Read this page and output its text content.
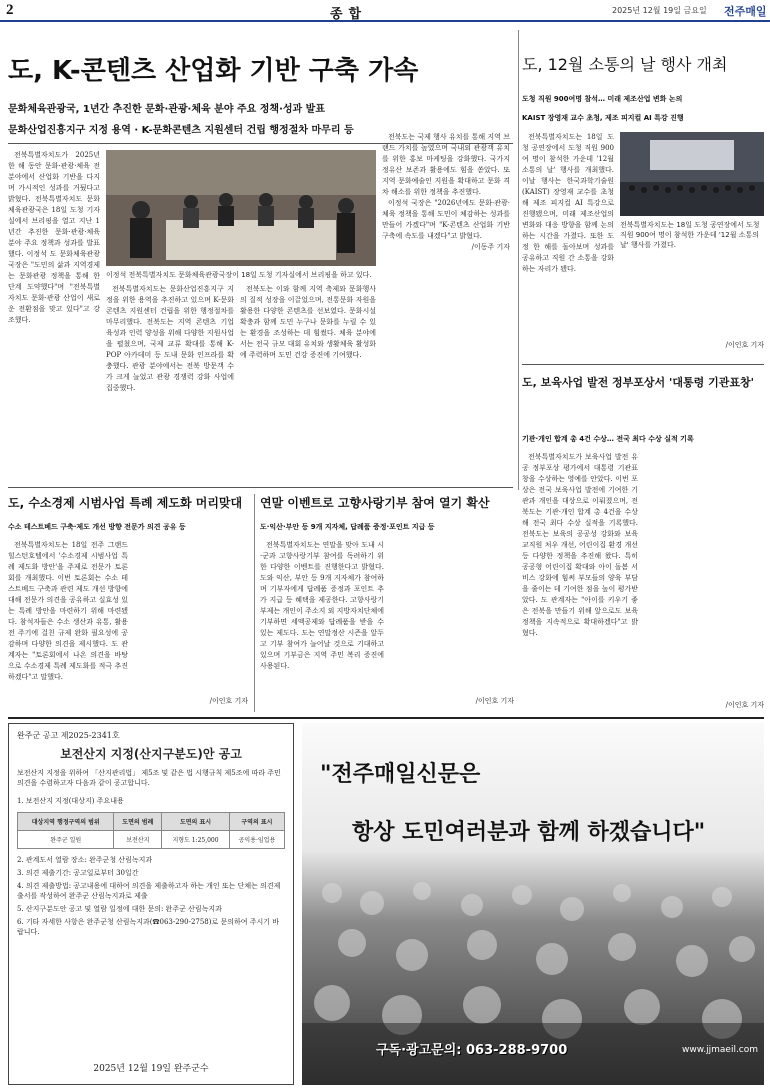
2	종합	2025년 12월 19일 금요일 전주매일
도, K-콘텐츠 산업화 기반 구축 가속
문화체육관광국, 1년간 추진한 문화·관광·체육 분야 주요 정책·성과 발표
문화산업진흥지구 지정 용역 · K-문화콘텐츠 지원센터 건립 행정절차 마무리 등

전북특별자치도가 2025년 한 해 동안 문화·관광·체육 전 분야에서 산업화 기반을 다지며 가시적인 성과를 거뒀다고 밝혔다. 전북특별자치도 문화체육관광국은 18일 도청 기자실에서 브리핑을 열고 지난 1년간 추진한 문화·관광·체육 분야 주요 정책과 성과를 발표했다. 이정석 도 문화체육관광국장은 "도민의 삶과 지역경제는 문화관광 정책을 통해 한 단계 도약했다"며 "전북특별자치도 문화·관광 산업이 새로운 전환점을 맞고 있다"고 강조했다.

이정석 전북특별자치도 문화체육관광국장이 18일 도청 기자실에서 브리핑을 하고 있다.

전북특별자치도는 문화산업진흥지구 지정을 위한 용역을 추진하고 있으며 K-문화콘텐츠 지원센터 건립을 위한 행정절차를 마무리했다. 전북도는 지역 콘텐츠 기업 육성과 인력 양성을 위해 다양한 지원사업을 펼쳤으며, 국제 교류 확대를 통해 K-POP 아카데미 등 도내 문화 인프라를 확충했다. 관광 분야에서는 전북 방문객 수가 크게 늘었고 관광 경쟁력 강화 사업에 집중했다.

전북도는 이와 함께 지역 축제와 문화행사의 질적 성장을 이끌었으며, 전통문화 자원을 활용한 다양한 콘텐츠를 선보였다. 문화시설 확충과 함께 도민 누구나 문화를 누릴 수 있는 환경을 조성하는 데 힘썼다. 체육 분야에서는 전국 규모 대회 유치와 생활체육 활성화에 주력하며 도민 건강 증진에 기여했다.

전북도는 국제 행사 유치를 통해 지역 브랜드 가치를 높였으며 국내외 관광객 유치를 위한 홍보 마케팅을 강화했다. 국가지정유산 보존과 활용에도 힘을 쏟았다. 또 지역 문화예술인 지원을 확대하고 문화 격차 해소를 위한 정책을 추진했다.

이정석 국장은 "2026년에도 문화·관광·체육 정책을 통해 도민이 체감하는 성과를 만들어 가겠다"며 "K-콘텐츠 산업화 기반 구축에 속도를 내겠다"고 밝혔다.

/이동주 기자
도, 12월 소통의 날 행사 개최
도청 직원 900여명 참석… 미래 제조산업 변화 논의
KAIST 장영재 교수 초청, 제조 피지컬 AI 특강 진행

전북특별자치도는 18일 도청 공연장에서 도청 직원 900여 명이 참석한 가운데 '12월 소통의 날' 행사를 개최했다. 이날 행사는 한국과학기술원(KAIST) 장영재 교수를 초청해 제조 피지컬 AI 특강으로 진행됐으며, 미래 제조산업의 변화와 대응 방향을 함께 논의하는 시간을 가졌다. 또한 도정 한 해를 돌아보며 성과를 공유하고 직원 간 소통을 강화하는 자리가 됐다.

전북특별자치도는 18일 도청 공연장에서 도청 직원 900여 명이 참석한 가운데 '12월 소통의 날' 행사를 가졌다.
/이인호 기자
도, 보육사업 발전 정부포상서 '대통령 기관표창'
기관·개인 합계 총 4건 수상… 전국 최다 수상 실적 기록

전북특별자치도가 보육사업 발전 유공 정부포상 평가에서 대통령 기관표창을 수상하는 영예를 안았다. 이번 포상은 전국 보육사업 발전에 기여한 기관과 개인을 대상으로 이뤄졌으며, 전북도는 기관·개인 합계 총 4건을 수상해 전국 최다 수상 실적을 기록했다. 전북도는 보육의 공공성 강화와 보육교직원 처우 개선, 어린이집 환경 개선 등 다양한 정책을 추진해 왔다. 특히 공공형 어린이집 확대와 아이 돌봄 서비스 강화에 힘써 부모들의 양육 부담을 줄이는 데 기여한 점을 높이 평가받았다. 도 관계자는 "아이를 키우기 좋은 전북을 만들기 위해 앞으로도 보육 정책을 지속적으로 확대하겠다"고 밝혔다.

/이인호 기자
도, 수소경제 시범사업 특례 제도화 머리맞대
수소 테스트베드 구축·제도 개선 방향 전문가 의견 공유 등

전북특별자치도는 18일 전주 그랜드힐스턴호텔에서 '수소경제 시범사업 특례 제도화 방안'을 주제로 전문가 토론회를 개최했다. 이번 토론회는 수소 테스트베드 구축과 관련 제도 개선 방향에 대해 전문가 의견을 공유하고 실효성 있는 특례 방안을 마련하기 위해 마련됐다. 참석자들은 수소 생산과 유통, 활용 전 주기에 걸친 규제 완화 필요성에 공감하며 다양한 의견을 제시했다. 도 관계자는 "토론회에서 나온 의견을 바탕으로 수소경제 특례 제도화를 적극 추진하겠다"고 말했다.

/이인호 기자
연말 이벤트로 고향사랑기부 참여 열기 확산
도·익산·부안 등 9개 지자체, 답례품 증정·포인트 지급 등

전북특별자치도는 연말을 맞아 도내 시·군과 고향사랑기부 참여를 독려하기 위한 다양한 이벤트를 진행한다고 밝혔다. 도와 익산, 부안 등 9개 지자체가 참여하며 기부자에게 답례품 증정과 포인트 추가 지급 등 혜택을 제공한다. 고향사랑기부제는 개인이 주소지 외 지방자치단체에 기부하면 세액공제와 답례품을 받을 수 있는 제도다. 도는 연말정산 시즌을 앞두고 기부 참여가 늘어날 것으로 기대하고 있으며 기부금은 지역 주민 복리 증진에 사용된다.

/이인호 기자
완주군 공고 제2025-2341호
보전산지 지정(산지구분도)안 공고
보전산지 지정을 위하여 「산지관리법」 제5조 및 같은 법 시행규칙 제5조에 따라 주민의견을 수렴하고자 다음과 같이 공고합니다.
1. 보전산지 지정(대상지) 주요내용
대상지역 행정구역의 범위	도면의 범례	도면의 표시	구역의 표시
완주군 일원	보전산지	지형도 1:25,000	공익용·임업용
2. 관계도서 열람 장소: 완주군청 산림녹지과
3. 의견 제출기간: 공고일로부터 30일간
4. 의견 제출방법: 공고내용에 대하여 의견을 제출하고자 하는 개인 또는 단체는 의견제출서를 작성하여 완주군 산림녹지과로 제출
5. 산지구분도안 공고 및 열람 일정에 대한 문의: 완주군 산림녹지과
6. 기타 자세한 사항은 완주군청 산림녹지과(☎063-290-2758)로 문의하여 주시기 바랍니다.
2025년 12월 19일 완주군수
"전주매일신문은
항상 도민여러분과 함께 하겠습니다"
구독·광고문의: 063-288-9700	www.jjmaeil.com
